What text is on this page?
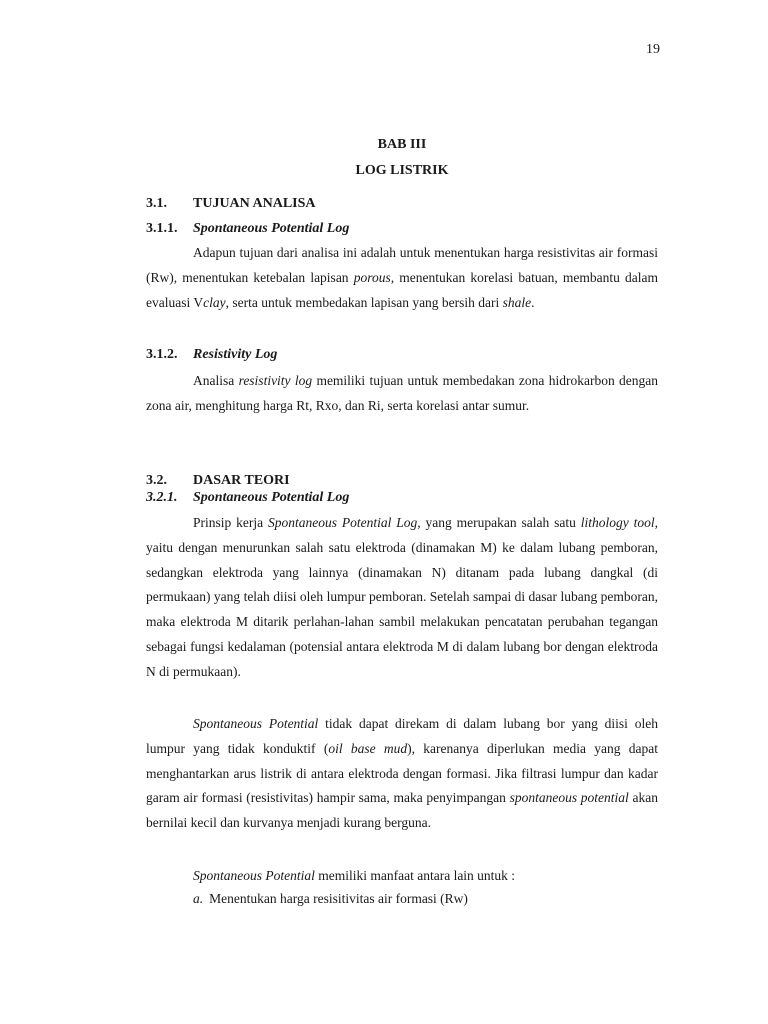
19
BAB III
LOG LISTRIK
3.1. TUJUAN ANALISA
3.1.1. Spontaneous Potential Log

Adapun tujuan dari analisa ini adalah untuk menentukan harga resistivitas air formasi (Rw), menentukan ketebalan lapisan porous, menentukan korelasi batuan, membantu dalam evaluasi Vclay, serta untuk membedakan lapisan yang bersih dari shale.

3.1.2. Resistivity Log

Analisa resistivity log memiliki tujuan untuk membedakan zona hidrokarbon dengan zona air, menghitung harga Rt, Rxo, dan Ri, serta korelasi antar sumur.

3.2. DASAR TEORI
3.2.1. Spontaneous Potential Log

Prinsip kerja Spontaneous Potential Log, yang merupakan salah satu lithology tool, yaitu dengan menurunkan salah satu elektroda (dinamakan M) ke dalam lubang pemboran, sedangkan elektroda yang lainnya (dinamakan N) ditanam pada lubang dangkal (di permukaan) yang telah diisi oleh lumpur pemboran. Setelah sampai di dasar lubang pemboran, maka elektroda M ditarik perlahan-lahan sambil melakukan pencatatan perubahan tegangan sebagai fungsi kedalaman (potensial antara elektroda M di dalam lubang bor dengan elektroda N di permukaan).

Spontaneous Potential tidak dapat direkam di dalam lubang bor yang diisi oleh lumpur yang tidak konduktif (oil base mud), karenanya diperlukan media yang dapat menghantarkan arus listrik di antara elektroda dengan formasi. Jika filtrasi lumpur dan kadar garam air formasi (resistivitas) hampir sama, maka penyimpangan spontaneous potential akan bernilai kecil dan kurvanya menjadi kurang berguna.

Spontaneous Potential memiliki manfaat antara lain untuk :

a. Menentukan harga resisitivitas air formasi (Rw)
